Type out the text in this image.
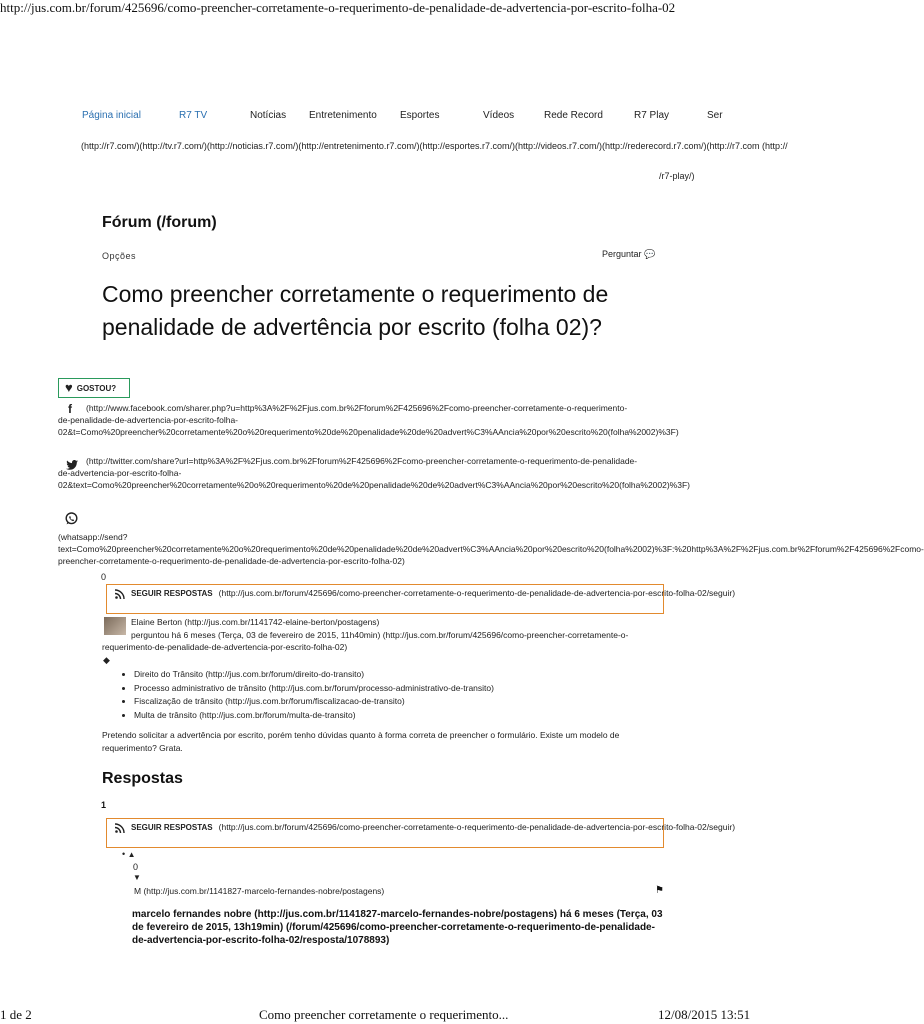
http://jus.com.br/forum/425696/como-preencher-corretamente-o-requerimento-de-penalidade-de-advertencia-por-escrito-folha-02
Página inicial	R7 TV	Notícias Entretenimento Esportes	Vídeos	Rede Record	R7 Play	Ser
(http://r7.com/)(http://tv.r7.com/)(http://noticias.r7.com/)(http://entretenimento.r7.com/)(http://esportes.r7.com/)(http://videos.r7.com/)(http://rederecord.r7.com/)(http://r7.com (http://
/r7-play/)
Fórum (/forum)
Opções	Perguntar 💬
Como preencher corretamente o requerimento de penalidade de advertência por escrito (folha 02)?
♥ GOSTOU?
f	(http://www.facebook.com/sharer.php?u=http%3A%2F%2Fjus.com.br%2Fforum%2F425696%2Fcomo-preencher-corretamente-o-requerimento-de-penalidade-de-advertencia-por-escrito-folha-02&t=Como%20preencher%20corretamente%20o%20requerimento%20de%20penalidade%20de%20advert%C3%AAncia%20por%20escrito%20(folha%2002)%3F)
(http://twitter.com/share?url=http%3A%2F%2Fjus.com.br%2Fforum%2F425696%2Fcomo-preencher-corretamente-o-requerimento-de-penalidade-de-advertencia-por-escrito-folha-02&text=Como%20preencher%20corretamente%20o%20requerimento%20de%20penalidade%20de%20advert%C3%AAncia%20por%20escrito%20(folha%2002)%3F)
(whatsapp://send?text=Como%20preencher%20corretamente%20o%20requerimento%20de%20penalidade%20de%20advert%C3%AAncia%20por%20escrito%20(folha%2002)%3F:%20http%3A%2F%2Fjus.com.br%2Fforum%2F425696%2Fcomo-preencher-corretamente-o-requerimento-de-penalidade-de-advertencia-por-escrito-folha-02)
0
SEGUIR RESPOSTAS (http://jus.com.br/forum/425696/como-preencher-corretamente-o-requerimento-de-penalidade-de-advertencia-por-escrito-folha-02/seguir)
Elaine Berton (http://jus.com.br/1141742-elaine-berton/postagens)
perguntou há 6 meses (Terça, 03 de fevereiro de 2015, 11h40min) (http://jus.com.br/forum/425696/como-preencher-corretamente-o-requerimento-de-penalidade-de-advertencia-por-escrito-folha-02)
◆
• Direito do Trânsito (http://jus.com.br/forum/direito-do-transito)
• Processo administrativo de trânsito (http://jus.com.br/forum/processo-administrativo-de-transito)
• Fiscalização de trânsito (http://jus.com.br/forum/fiscalizacao-de-transito)
• Multa de trânsito (http://jus.com.br/forum/multa-de-transito)
Pretendo solicitar a advertência por escrito, porém tenho dúvidas quanto à forma correta de preencher o formulário. Existe um modelo de requerimento? Grata.
Respostas
1
SEGUIR RESPOSTAS (http://jus.com.br/forum/425696/como-preencher-corretamente-o-requerimento-de-penalidade-de-advertencia-por-escrito-folha-02/seguir)
• ▲
0
▼
M (http://jus.com.br/1141827-marcelo-fernandes-nobre/postagens)	⚑
marcelo fernandes nobre (http://jus.com.br/1141827-marcelo-fernandes-nobre/postagens) há 6 meses (Terça, 03 de fevereiro de 2015, 13h19min) (/forum/425696/como-preencher-corretamente-o-requerimento-de-penalidade-de-advertencia-por-escrito-folha-02/resposta/1078893)
1 de 2	Como preencher corretamente o requerimento...	12/08/2015 13:51
